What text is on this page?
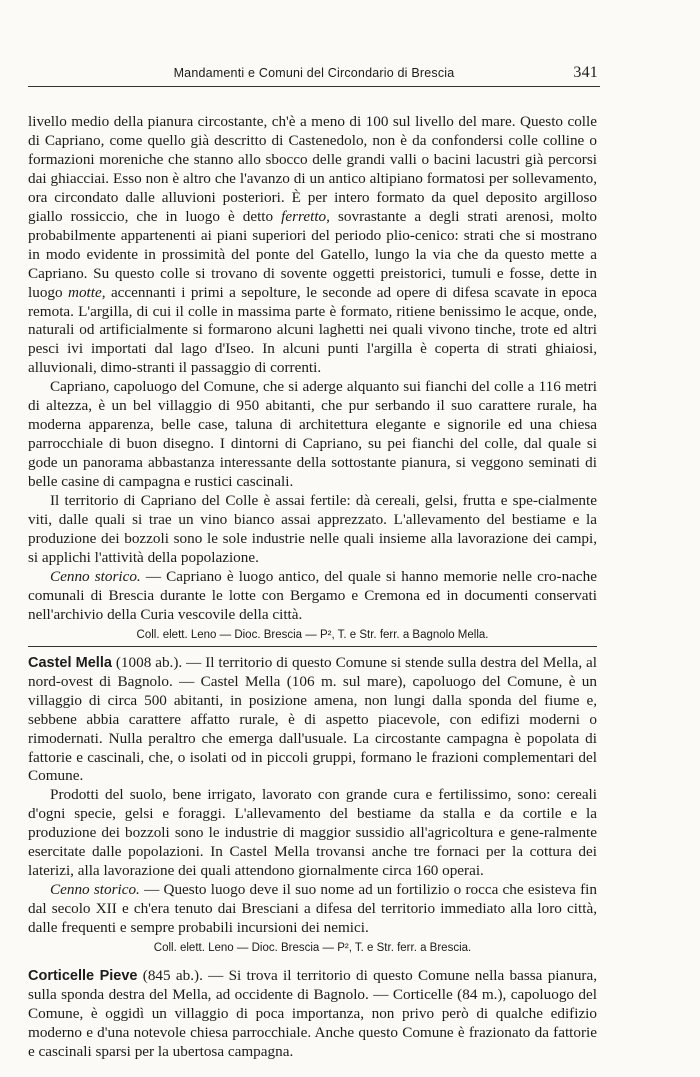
Mandamenti e Comuni del Circondario di Brescia	341

livello medio della pianura circostante, ch'è a meno di 100 sul livello del mare. Questo colle di Capriano, come quello già descritto di Castenedolo, non è da confondersi colle colline o formazioni moreniche che stanno allo sbocco delle grandi valli o bacini lacustri già percorsi dai ghiacciai. Esso non è altro che l'avanzo di un antico altipiano formatosi per sollevamento, ora circondato dalle alluvioni posteriori. È per intero formato da quel deposito argilloso giallo rossiccio, che in luogo è detto ferretto, sovrastante a degli strati arenosi, molto probabilmente appartenenti ai piani superiori del periodo plio-cenico: strati che si mostrano in modo evidente in prossimità del ponte del Gatello, lungo la via che da questo mette a Capriano. Su questo colle si trovano di sovente oggetti preistorici, tumuli e fosse, dette in luogo motte, accennanti i primi a sepolture, le seconde ad opere di difesa scavate in epoca remota. L'argilla, di cui il colle in massima parte è formato, ritiene benissimo le acque, onde, naturali od artificialmente si formarono alcuni laghetti nei quali vivono tinche, trote ed altri pesci ivi importati dal lago d'Iseo. In alcuni punti l'argilla è coperta di strati ghiaiosi, alluvionali, dimo-stranti il passaggio di correnti.

Capriano, capoluogo del Comune, che si aderge alquanto sui fianchi del colle a 116 metri di altezza, è un bel villaggio di 950 abitanti, che pur serbando il suo carattere rurale, ha moderna apparenza, belle case, taluna di architettura elegante e signorile ed una chiesa parrocchiale di buon disegno. I dintorni di Capriano, su pei fianchi del colle, dal quale si gode un panorama abbastanza interessante della sottostante pianura, si veggono seminati di belle casine di campagna e rustici cascinali.

Il territorio di Capriano del Colle è assai fertile: dà cereali, gelsi, frutta e spe-cialmente viti, dalle quali si trae un vino bianco assai apprezzato. L'allevamento del bestiame e la produzione dei bozzoli sono le sole industrie nelle quali insieme alla lavorazione dei campi, si applichi l'attività della popolazione.

Cenno storico. — Capriano è luogo antico, del quale si hanno memorie nelle cro-nache comunali di Brescia durante le lotte con Bergamo e Cremona ed in documenti conservati nell'archivio della Curia vescovile della città.

Coll. elett. Leno — Dioc. Brescia — P², T. e Str. ferr. a Bagnolo Mella.

Castel Mella (1008 ab.). — Il territorio di questo Comune si stende sulla destra del Mella, al nord-ovest di Bagnolo. — Castel Mella (106 m. sul mare), capoluogo del Comune, è un villaggio di circa 500 abitanti, in posizione amena, non lungi dalla sponda del fiume e, sebbene abbia carattere affatto rurale, è di aspetto piacevole, con edifizi moderni o rimodernati. Nulla peraltro che emerga dall'usuale. La circostante campagna è popolata di fattorie e cascinali, che, o isolati od in piccoli gruppi, formano le frazioni complementari del Comune.

Prodotti del suolo, bene irrigato, lavorato con grande cura e fertilissimo, sono: cereali d'ogni specie, gelsi e foraggi. L'allevamento del bestiame da stalla e da cortile e la produzione dei bozzoli sono le industrie di maggior sussidio all'agricoltura e gene-ralmente esercitate dalle popolazioni. In Castel Mella trovansi anche tre fornaci per la cottura dei laterizi, alla lavorazione dei quali attendono giornalmente circa 160 operai.

Cenno storico. — Questo luogo deve il suo nome ad un fortilizio o rocca che esisteva fin dal secolo XII e ch'era tenuto dai Bresciani a difesa del territorio immediato alla loro città, dalle frequenti e sempre probabili incursioni dei nemici.

Coll. elett. Leno — Dioc. Brescia — P², T. e Str. ferr. a Brescia.

Corticelle Pieve (845 ab.). — Si trova il territorio di questo Comune nella bassa pianura, sulla sponda destra del Mella, ad occidente di Bagnolo. — Corticelle (84 m.), capoluogo del Comune, è oggidì un villaggio di poca importanza, non privo però di qualche edifizio moderno e d'una notevole chiesa parrocchiale. Anche questo Comune è frazionato da fattorie e cascinali sparsi per la ubertosa campagna.
